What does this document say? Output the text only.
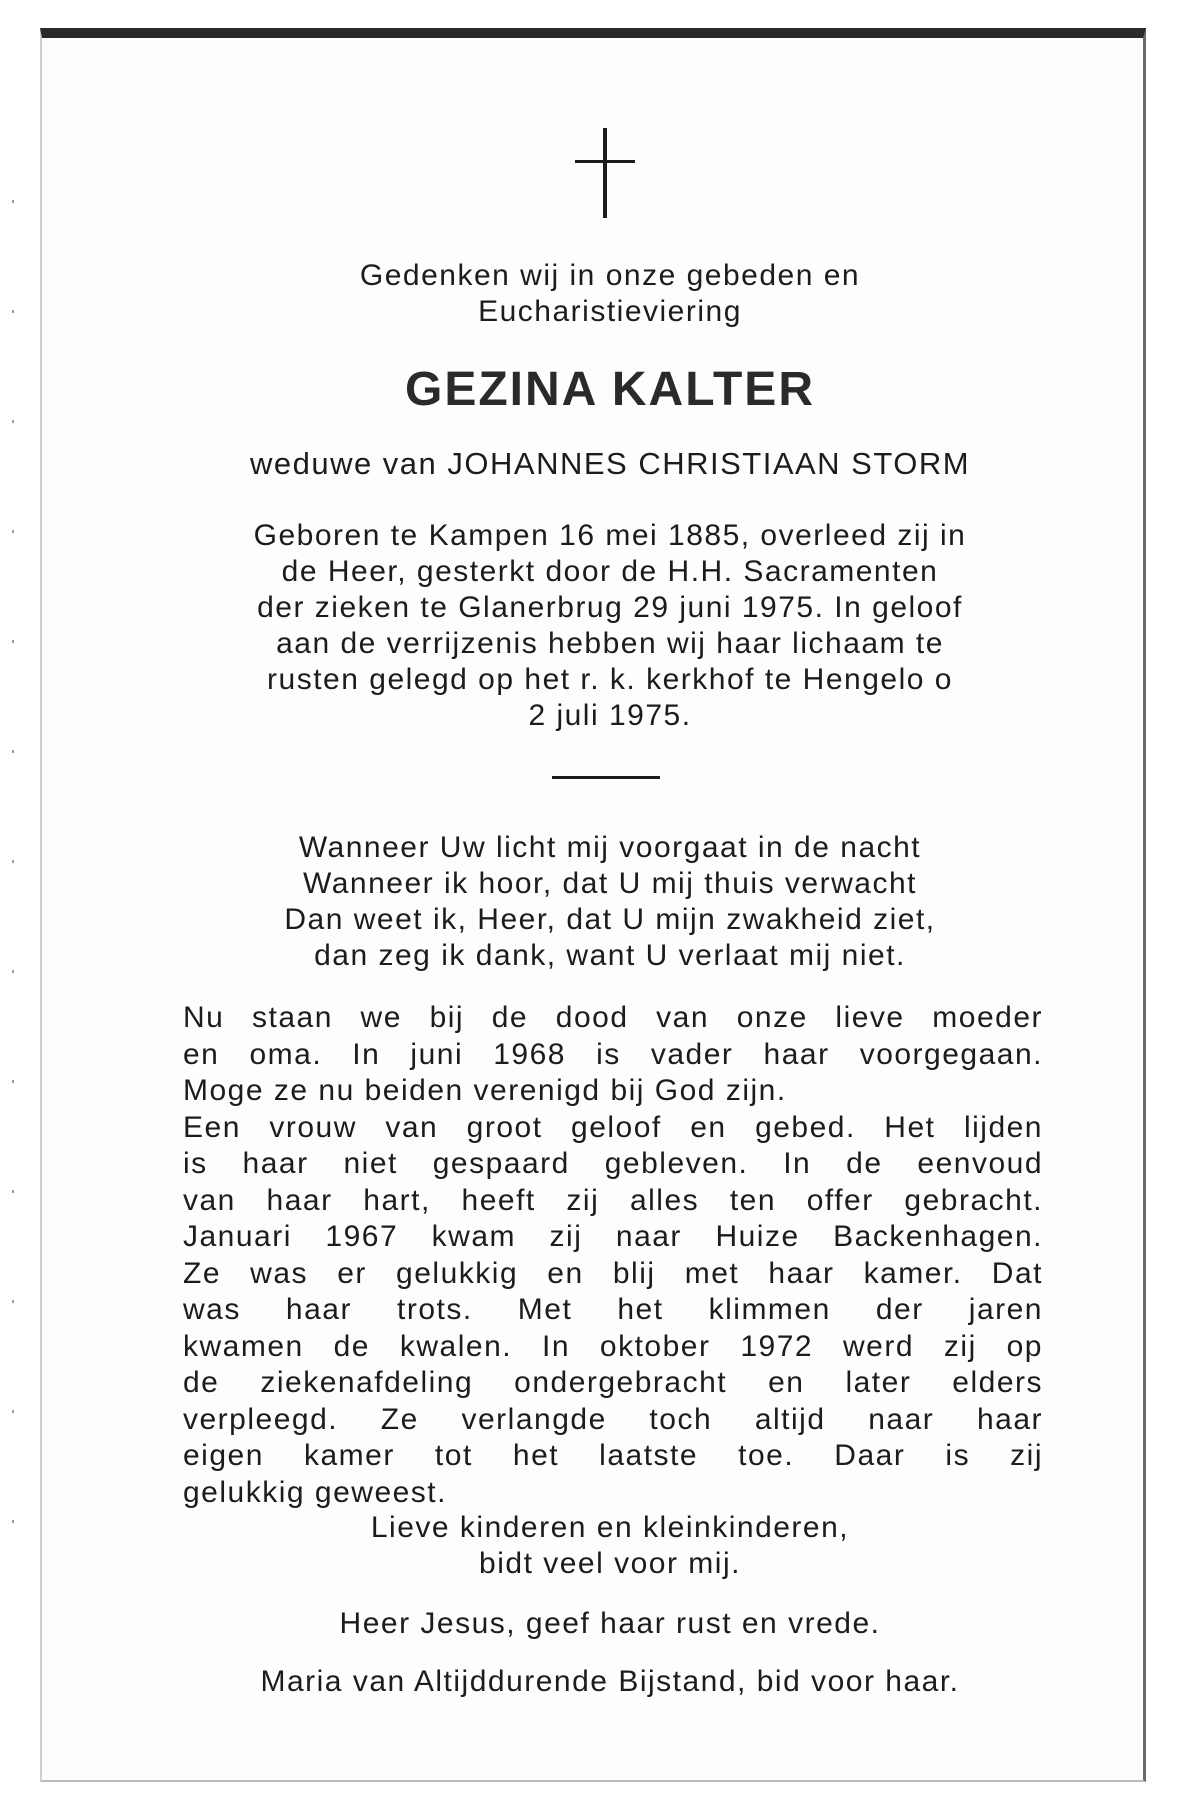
Gedenken wij in onze gebeden en
Eucharistieviering
GEZINA KALTER
weduwe van JOHANNES CHRISTIAAN STORM
Geboren te Kampen 16 mei 1885, overleed zij in
de Heer, gesterkt door de H.H. Sacramenten
der zieken te Glanerbrug 29 juni 1975. In geloof
aan de verrijzenis hebben wij haar lichaam te
rusten gelegd op het r. k. kerkhof te Hengelo o
2 juli 1975.
Wanneer Uw licht mij voorgaat in de nacht
Wanneer ik hoor, dat U mij thuis verwacht
Dan weet ik, Heer, dat U mijn zwakheid ziet,
dan zeg ik dank, want U verlaat mij niet.
Nu staan we bij de dood van onze lieve moeder
en oma. In juni 1968 is vader haar voorgegaan.
Moge ze nu beiden verenigd bij God zijn.
Een vrouw van groot geloof en gebed. Het lijden
is haar niet gespaard gebleven. In de eenvoud
van haar hart, heeft zij alles ten offer gebracht.
Januari 1967 kwam zij naar Huize Backenhagen.
Ze was er gelukkig en blij met haar kamer. Dat
was haar trots. Met het klimmen der jaren
kwamen de kwalen. In oktober 1972 werd zij op
de ziekenafdeling ondergebracht en later elders
verpleegd. Ze verlangde toch altijd naar haar
eigen kamer tot het laatste toe. Daar is zij
gelukkig geweest.
Lieve kinderen en kleinkinderen,
bidt veel voor mij.
Heer Jesus, geef haar rust en vrede.
Maria van Altijddurende Bijstand, bid voor haar.
